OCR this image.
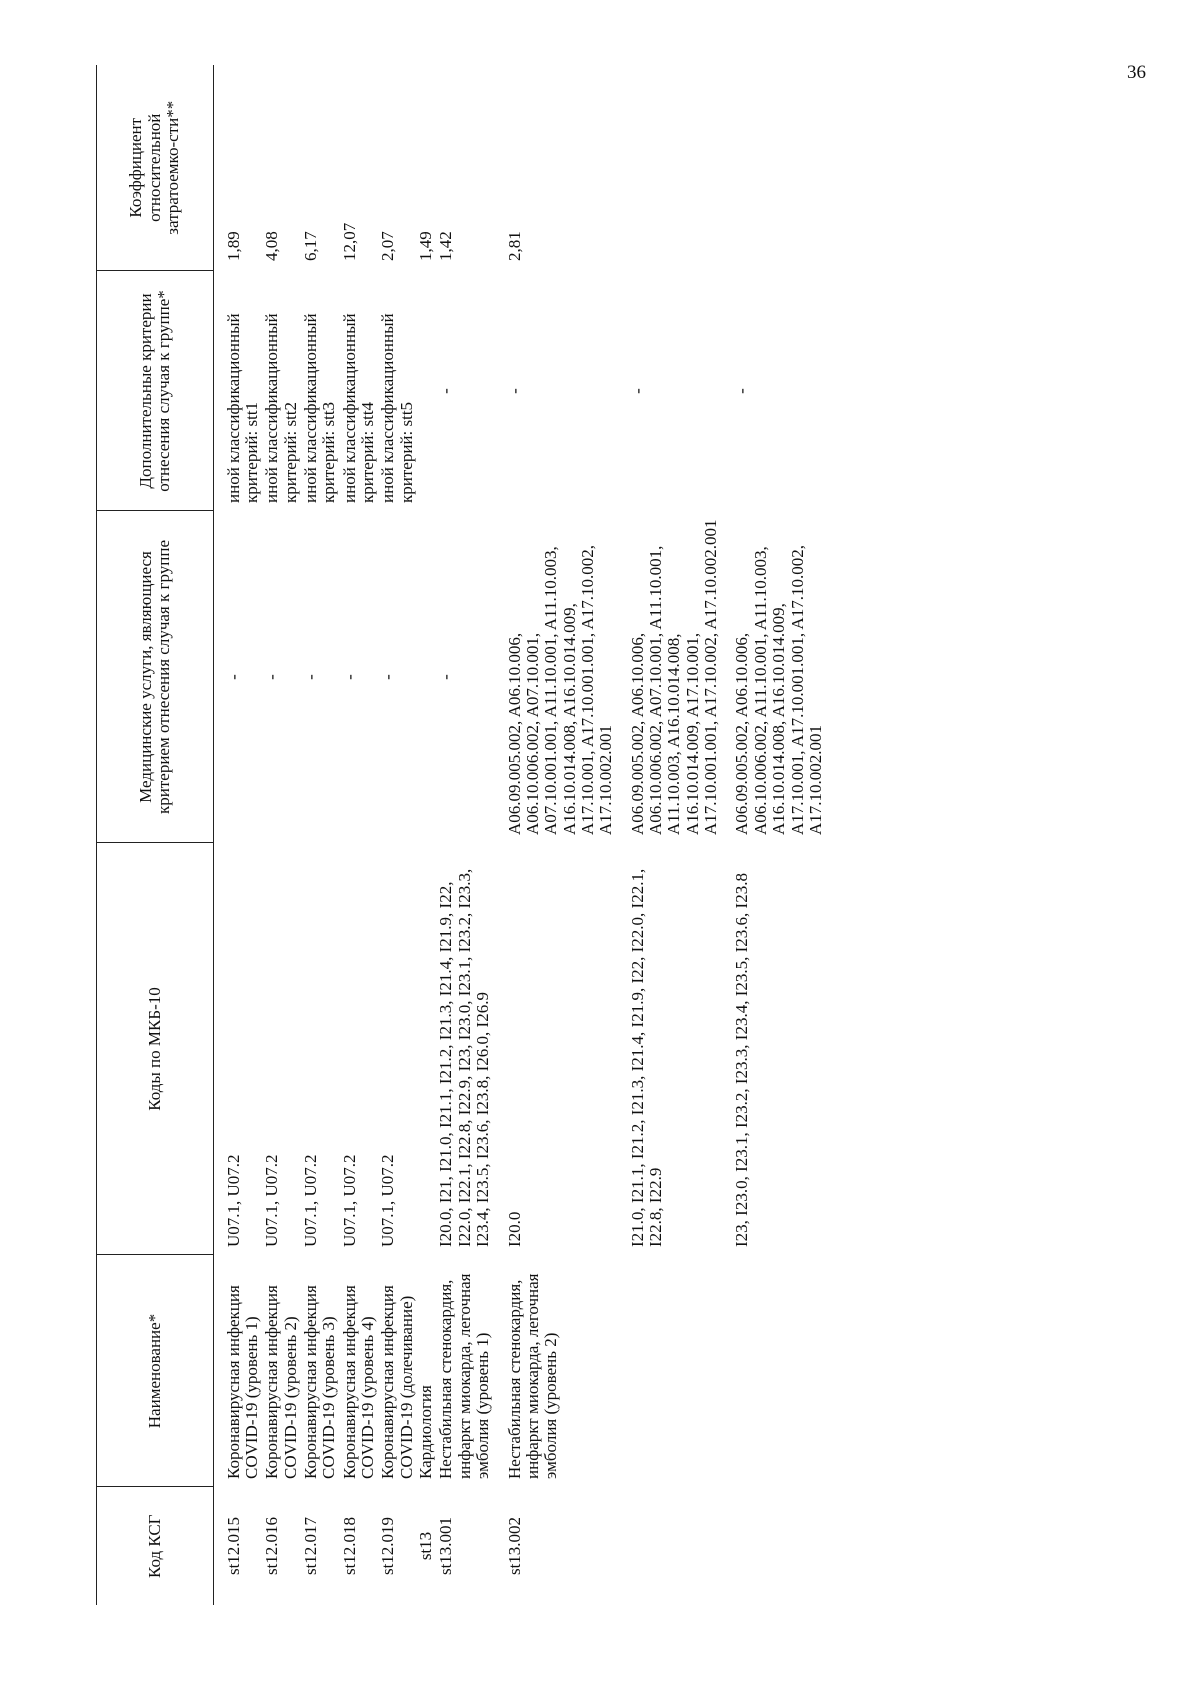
36
Код КСГ	Наименование*	Коды по МКБ-10	Медицинские услуги, являющиеся критерием отнесения случая к группе	Дополнительные критерии отнесения случая к группе*	Коэффициент относительной затратоемко-сти**

st12.015	Коронавирусная инфекция COVID-19 (уровень 1)	U07.1, U07.2	-	иной классификационный критерий: stt1	1,89
st12.016	Коронавирусная инфекция COVID-19 (уровень 2)	U07.1, U07.2	-	иной классификационный критерий: stt2	4,08
st12.017	Коронавирусная инфекция COVID-19 (уровень 3)	U07.1, U07.2	-	иной классификационный критерий: stt3	6,17
st12.018	Коронавирусная инфекция COVID-19 (уровень 4)	U07.1, U07.2	-	иной классификационный критерий: stt4	12,07
st12.019	Коронавирусная инфекция COVID-19 (долечивание)	U07.1, U07.2	-	иной классификационный критерий: stt5	2,07
st13	Кардиология				1,49
st13.001	Нестабильная стенокардия, инфаркт миокарда, легочная эмболия (уровень 1)	I20.0, I21, I21.0, I21.1, I21.2, I21.3, I21.4, I21.9, I22, I22.0, I22.1, I22.8, I22.9, I23, I23.0, I23.1, I23.2, I23.3, I23.4, I23.5, I23.6, I23.8, I26.0, I26.9	-	-	1,42
st13.002	Нестабильная стенокардия, инфаркт миокарда, легочная эмболия (уровень 2)	I20.0	A06.09.005.002, A06.10.006, A06.10.006.002, A07.10.001, A07.10.001.001, A11.10.001, A11.10.003, A16.10.014.008, A16.10.014.009, A17.10.001, A17.10.001.001, A17.10.002, A17.10.002.001	-	2,81
		I21.0, I21.1, I21.2, I21.3, I21.4, I21.9, I22, I22.0, I22.1, I22.8, I22.9	A06.09.005.002, A06.10.006, A06.10.006.002, A07.10.001, A11.10.001, A11.10.003, A16.10.014.008, A16.10.014.009, A17.10.001, A17.10.001.001, A17.10.002, A17.10.002.001	-	
		I23, I23.0, I23.1, I23.2, I23.3, I23.4, I23.5, I23.6, I23.8	A06.09.005.002, A06.10.006, A06.10.006.002, A11.10.001, A11.10.003, A16.10.014.008, A16.10.014.009, A17.10.001, A17.10.001.001, A17.10.002, A17.10.002.001	-	
